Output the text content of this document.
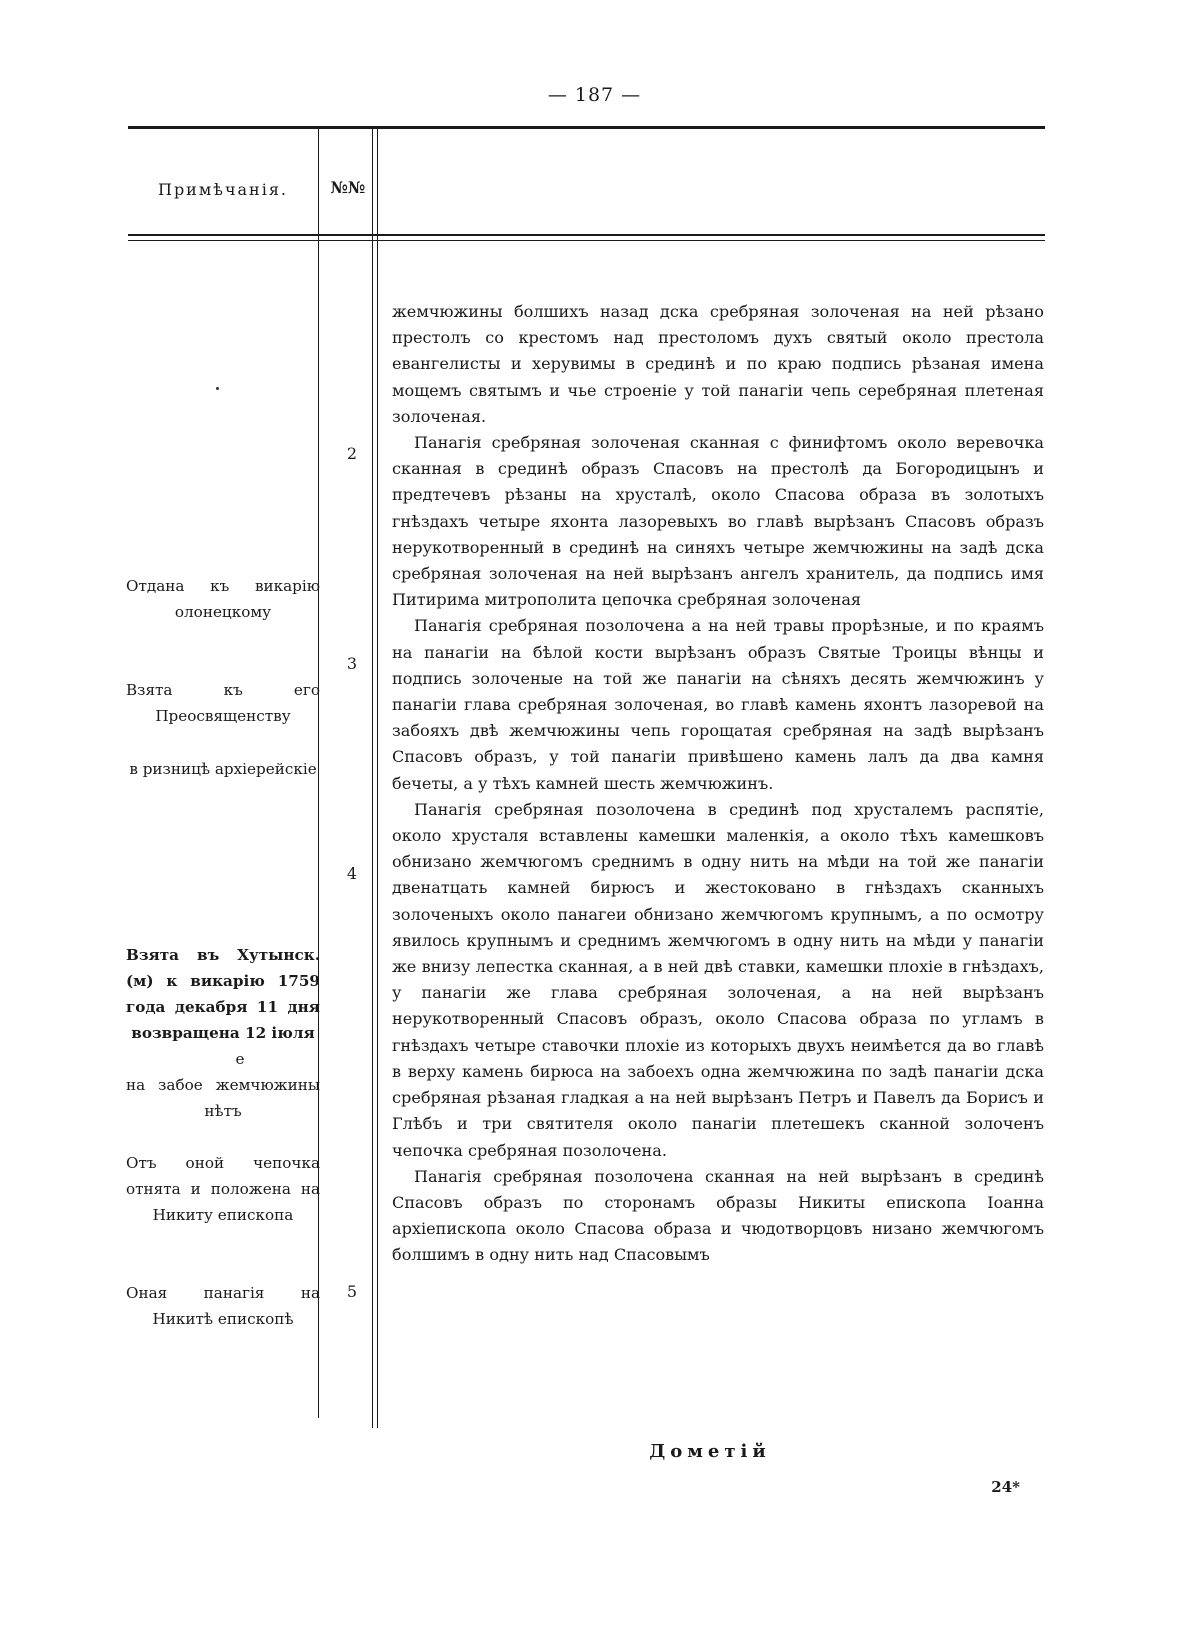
— 187 —
Примѣчанія.	№№
Отдана къ викарію олонецкому
Взята къ его Преосвященству
в ризницѣ архіерейскіе
Взята въ Хутынск. (м) к викарію 1759 года декабря 11 дня возвращена 12 іюля
е
на забое жемчюжины нѣтъ
Отъ оной чепочка отнята и положена на Никиту епископа
Оная панагія на Никитѣ епископѣ
2
3
4
5

жемчюжины болшихъ назад дска сребряная золоченая на ней рѣзано престолъ со крестомъ над престоломъ духъ святый около престола евангелисты и херувимы в срединѣ и по краю подпись рѣзаная имена мощемъ святымъ и чье строеніе у той панагіи чепь серебряная плетеная золоченая.

Панагія сребряная золоченая сканная с финифтомъ около веревочка сканная в срединѣ образъ Спасовъ на престолѣ да Богородицынъ и предтечевъ рѣзаны на хрусталѣ, около Спасова образа въ золотыхъ гнѣздахъ четыре яхонта лазоревыхъ во главѣ вырѣзанъ Спасовъ образъ нерукотворенный в срединѣ на синяхъ четыре жемчюжины на задѣ дска сребряная золоченая на ней вырѣзанъ ангелъ хранитель, да подпись имя Питирима митрополита цепочка сребряная золоченая

Панагія сребряная позолочена а на ней травы прорѣзные, и по краямъ на панагіи на бѣлой кости вырѣзанъ образъ Святые Троицы вѣнцы и подпись золоченые на той же панагіи на сѣняхъ десять жемчюжинъ у панагіи глава сребряная золоченая, во главѣ камень яхонтъ лазоревой на забояхъ двѣ жемчюжины чепь горощатая сребряная на задѣ вырѣзанъ Спасовъ образъ, у той панагіи привѣшено камень лалъ да два камня бечеты, а у тѣхъ камней шесть жемчюжинъ.

Панагія сребряная позолочена в срединѣ под хрусталемъ распятіе, около хрусталя вставлены камешки маленкія, а около тѣхъ камешковъ обнизано жемчюгомъ среднимъ в одну нить на мѣди на той же панагіи двенатцать камней бирюсъ и жестоковано в гнѣздахъ сканныхъ золоченыхъ около панагеи обнизано жемчюгомъ крупнымъ, а по осмотру явилось крупнымъ и среднимъ жемчюгомъ в одну нить на мѣди у панагіи же внизу лепестка сканная, а в ней двѣ ставки, камешки плохіе в гнѣздахъ, у панагіи же глава сребряная золоченая, а на ней вырѣзанъ нерукотворенный Спасовъ образъ, около Спасова образа по угламъ в гнѣздахъ четыре ставочки плохіе из которыхъ двухъ неимѣется да во главѣ в верху камень бирюса на забоехъ одна жемчюжина по задѣ панагіи дска сребряная рѣзаная гладкая а на ней вырѣзанъ Петръ и Павелъ да Борисъ и Глѣбъ и три святителя около панагіи плетешекъ сканной золоченъ чепочка сребряная позолочена.

Панагія сребряная позолочена сканная на ней вырѣзанъ в срединѣ Спасовъ образъ по сторонамъ образы Никиты епископа Іоанна архіепископа около Спасова образа и чюдотворцовъ низано жемчюгомъ болшимъ в одну нить над Спасовымъ

Дометій
24*
